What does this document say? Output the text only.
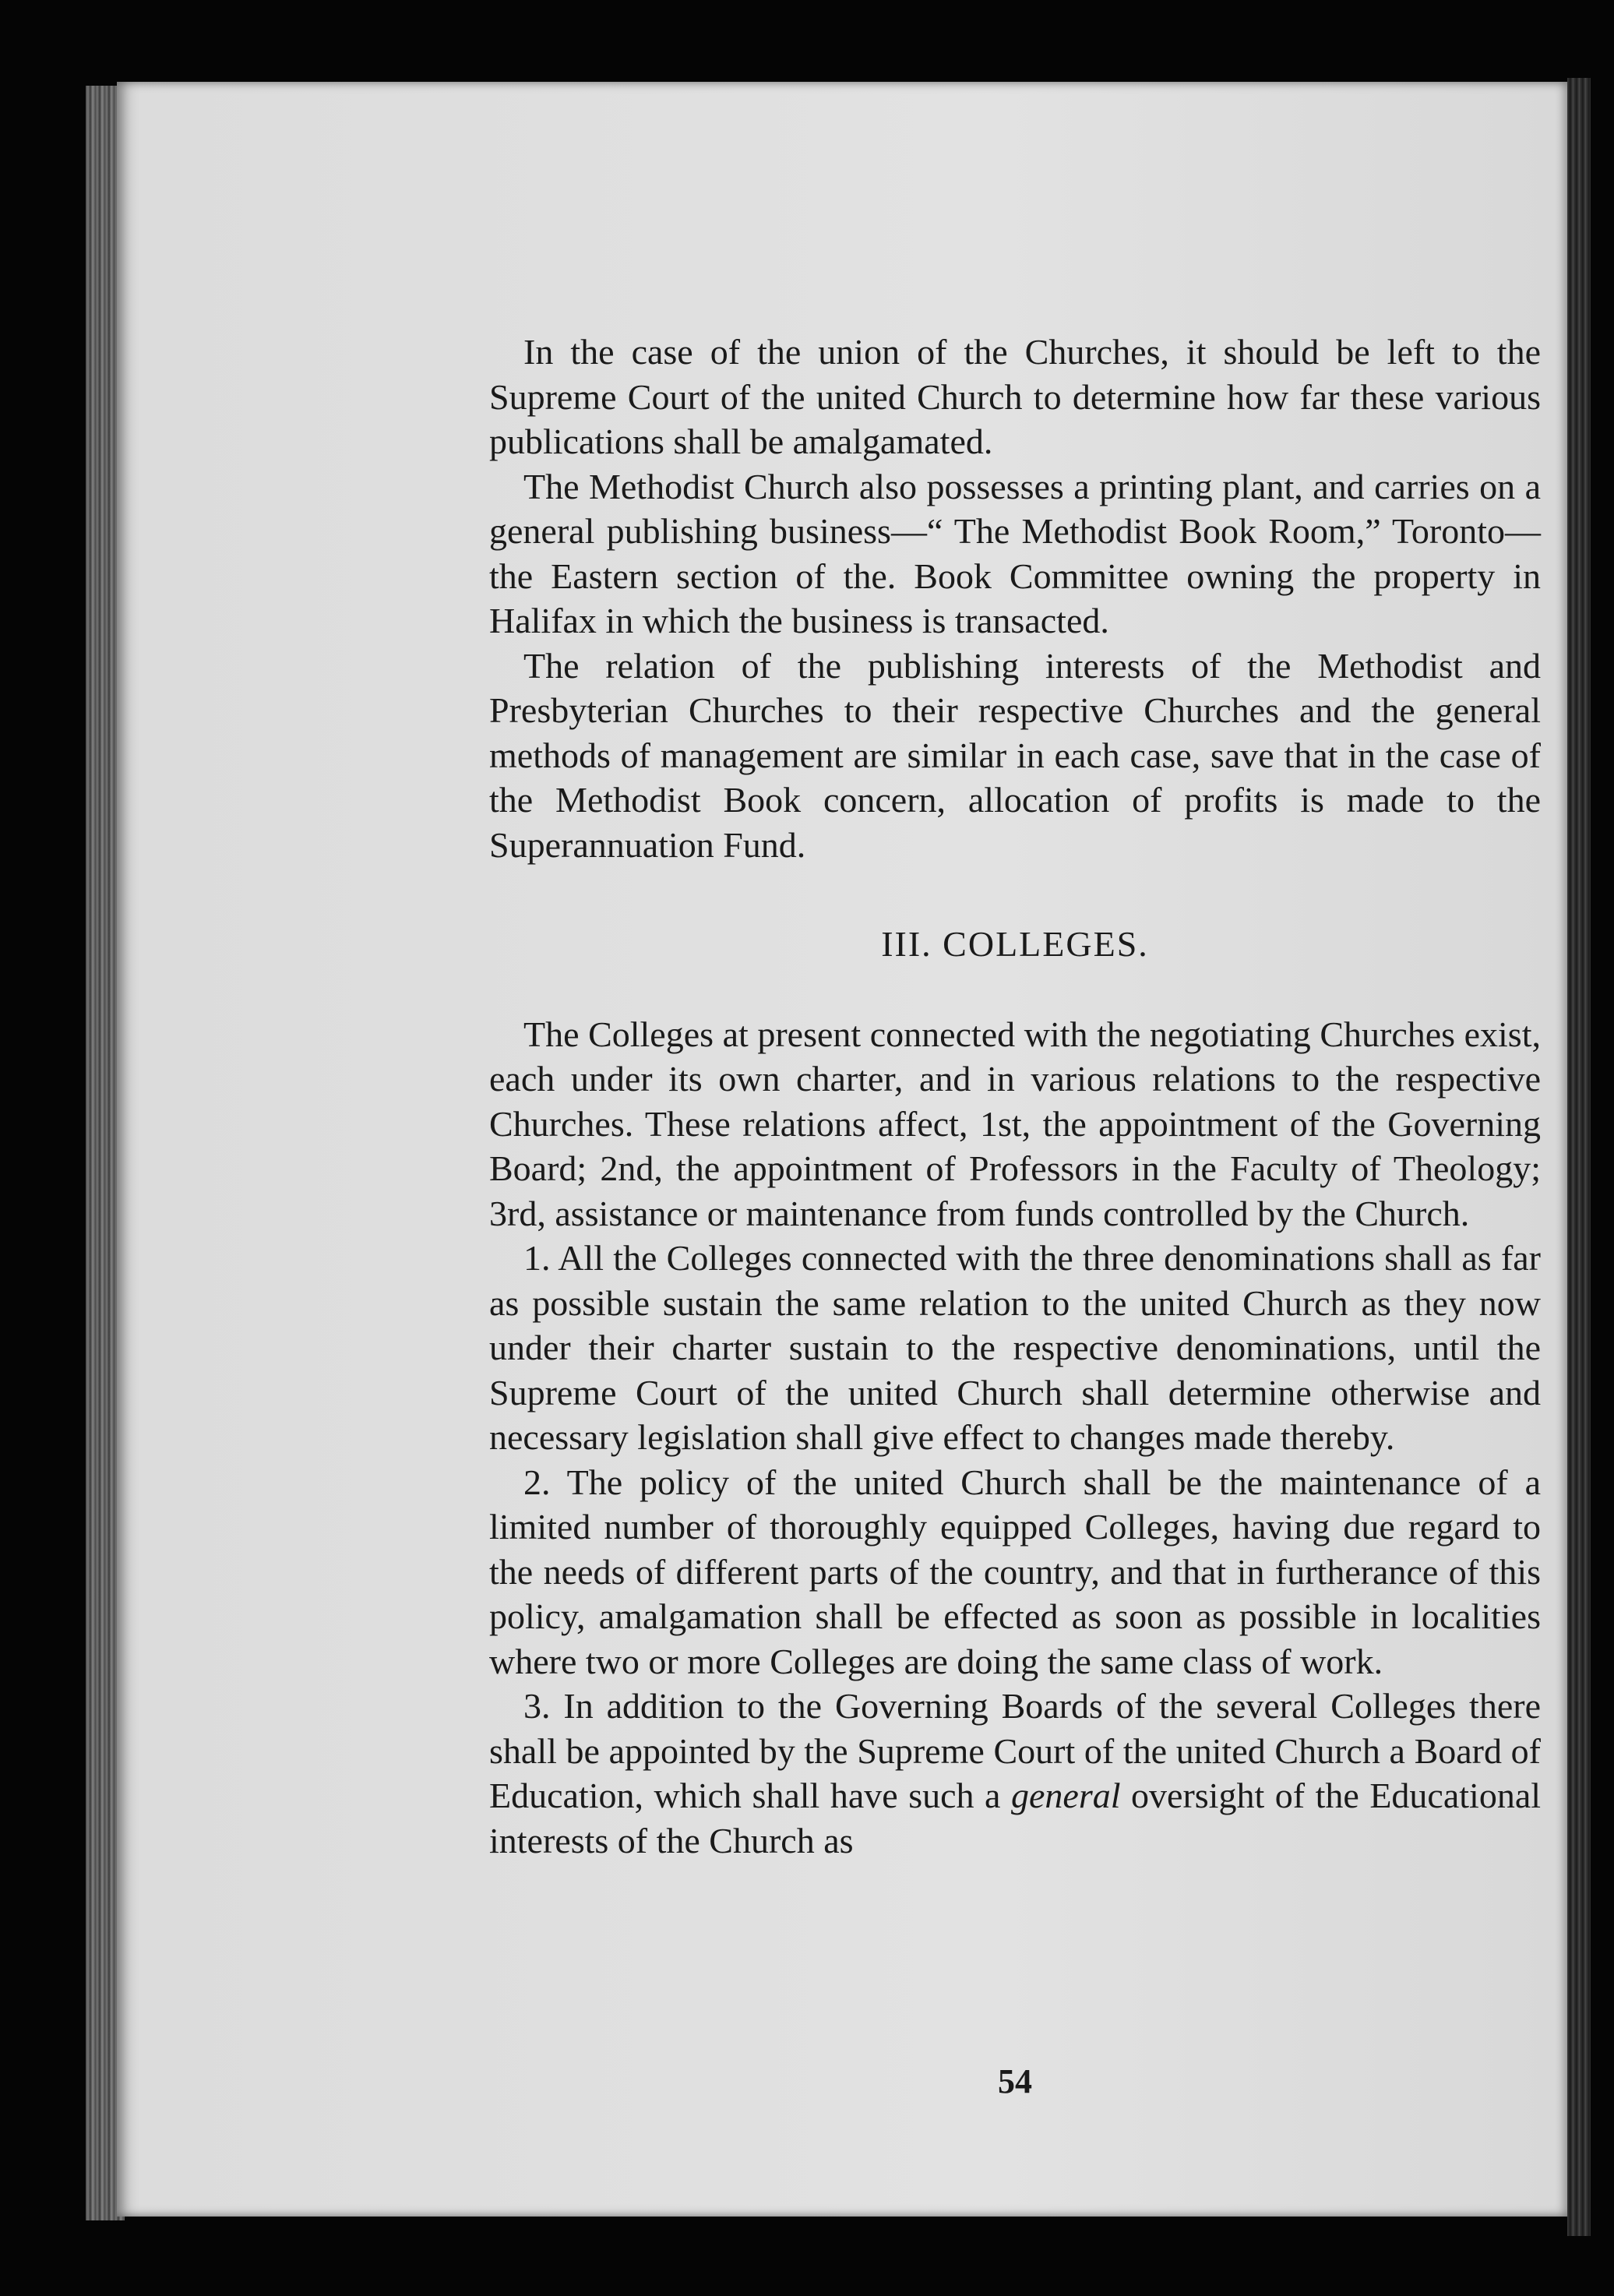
In the case of the union of the Churches, it should be left to the Supreme Court of the united Church to determine how far these various publications shall be amalgamated.

The Methodist Church also possesses a printing plant, and carries on a general publishing business—“ The Methodist Book Room,” Toronto—the Eastern section of the. Book Committee owning the property in Halifax in which the business is transacted.

The relation of the publishing interests of the Methodist and Presbyterian Churches to their respective Churches and the general methods of management are similar in each case, save that in the case of the Methodist Book concern, allocation of profits is made to the Superannuation Fund.

III. COLLEGES.

The Colleges at present connected with the negotiating Churches exist, each under its own charter, and in various relations to the respective Churches. These relations affect, 1st, the appointment of the Governing Board; 2nd, the appointment of Professors in the Faculty of Theology; 3rd, assistance or maintenance from funds controlled by the Church.

1. All the Colleges connected with the three denominations shall as far as possible sustain the same relation to the united Church as they now under their charter sustain to the respective denominations, until the Supreme Court of the united Church shall determine otherwise and necessary legislation shall give effect to changes made thereby.

2. The policy of the united Church shall be the maintenance of a limited number of thoroughly equipped Colleges, having due regard to the needs of different parts of the country, and that in furtherance of this policy, amalgamation shall be effected as soon as possible in localities where two or more Colleges are doing the same class of work.

3. In addition to the Governing Boards of the several Colleges there shall be appointed by the Supreme Court of the united Church a Board of Education, which shall have such a general oversight of the Educational interests of the Church as

54
